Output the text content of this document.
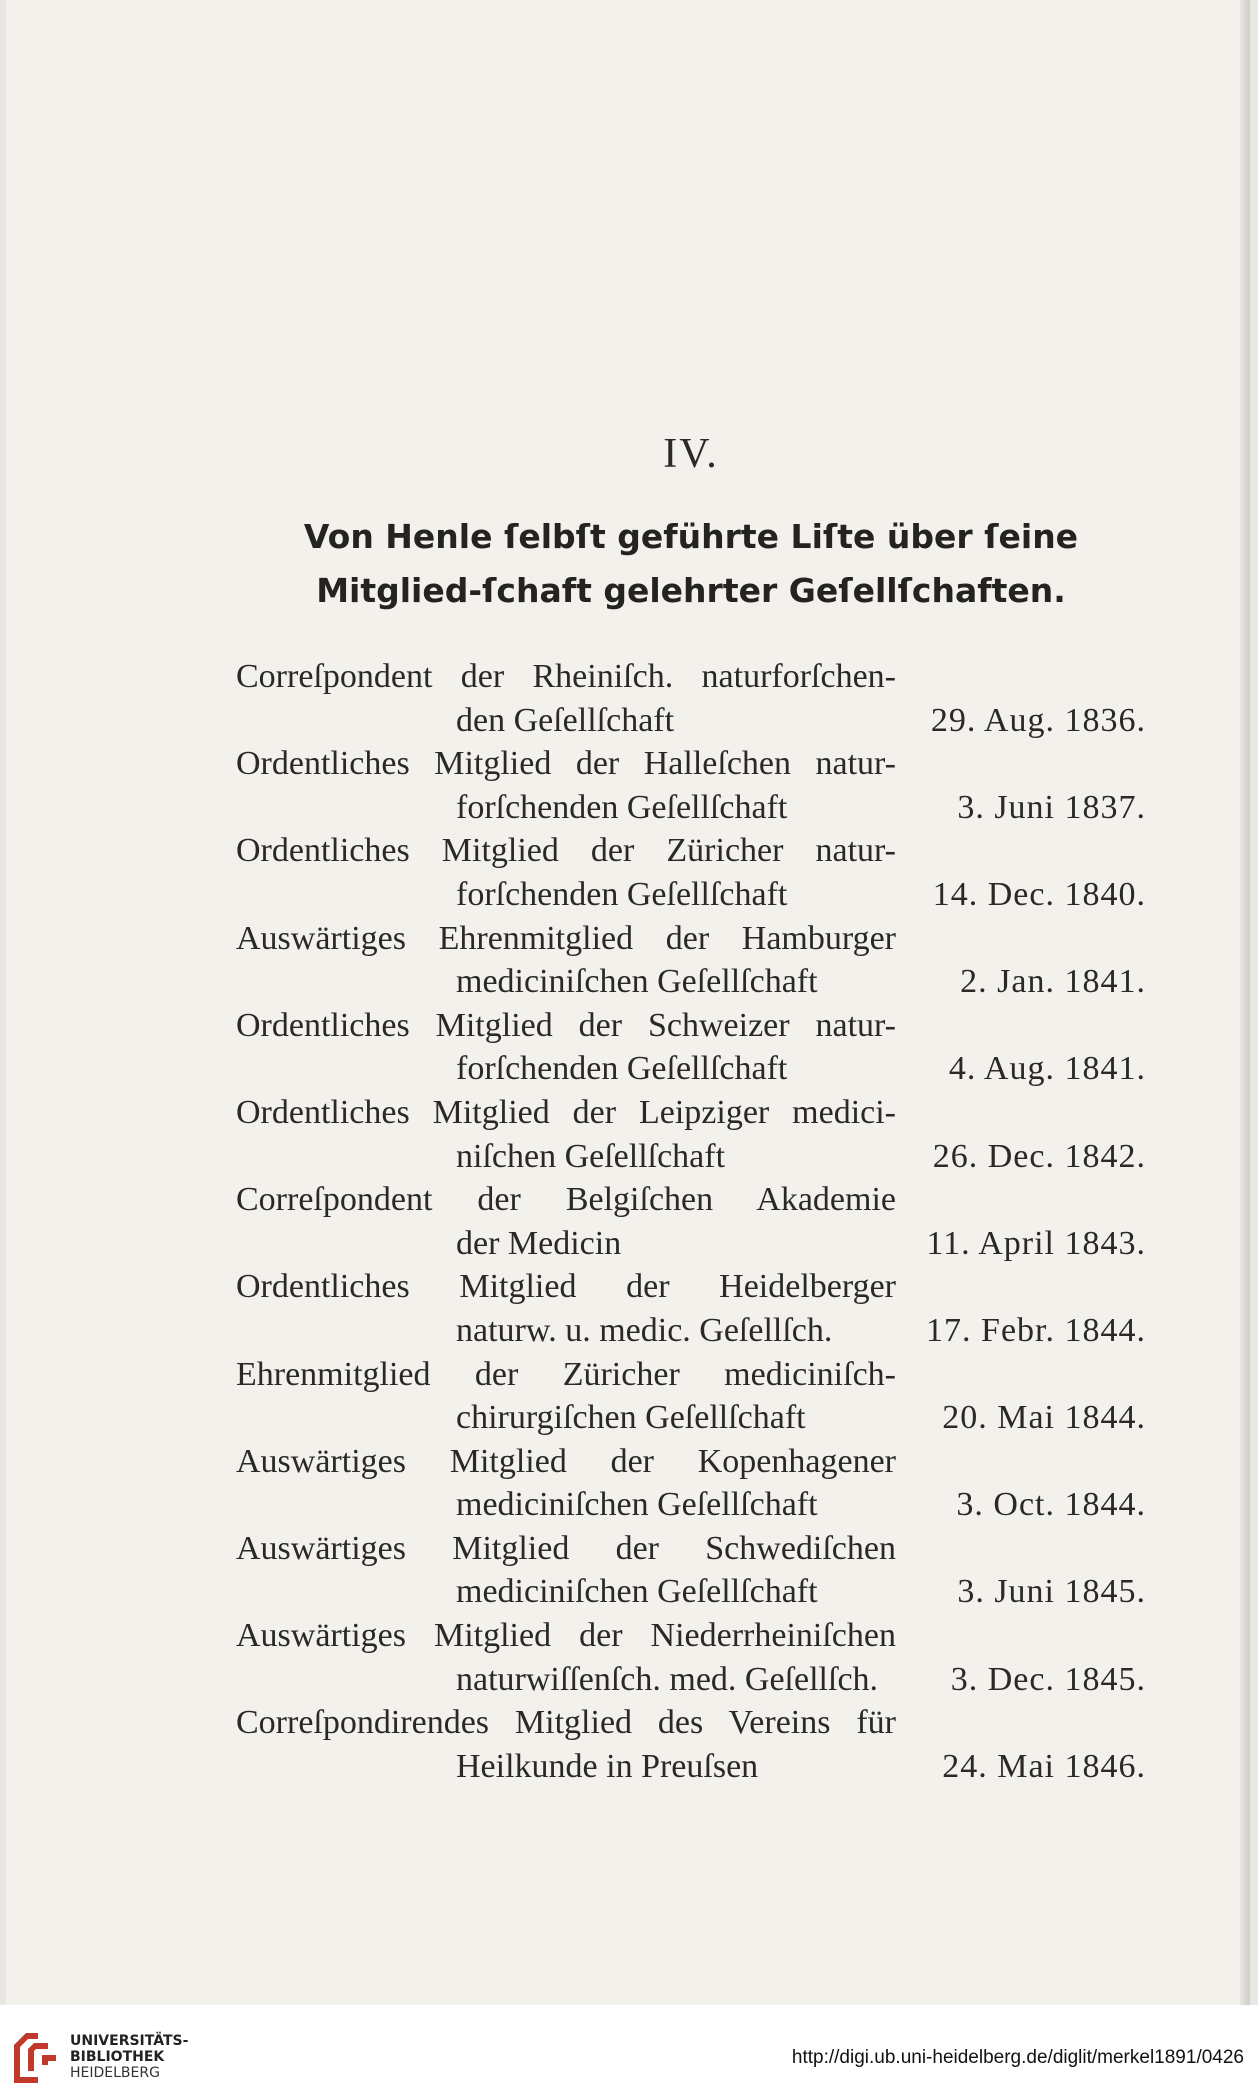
IV.
Von Henle ſelbſt geführte Liſte über ſeine Mitglied-ſchaft gelehrter Geſellſchaften.
Correſpondent der Rheiniſch. naturforſchen-
den Geſellſchaft	29. Aug. 1836.
Ordentliches Mitglied der Halleſchen natur-
forſchenden Geſellſchaft	3. Juni 1837.
Ordentliches Mitglied der Züricher natur-
forſchenden Geſellſchaft	14. Dec. 1840.
Auswärtiges Ehrenmitglied der Hamburger
mediciniſchen Geſellſchaft	2. Jan. 1841.
Ordentliches Mitglied der Schweizer natur-
forſchenden Geſellſchaft	4. Aug. 1841.
Ordentliches Mitglied der Leipziger medici-
niſchen Geſellſchaft	26. Dec. 1842.
Correſpondent der Belgiſchen Akademie
der Medicin	11. April 1843.
Ordentliches Mitglied der Heidelberger
naturw. u. medic. Geſellſch.	17. Febr. 1844.
Ehrenmitglied der Züricher mediciniſch-
chirurgiſchen Geſellſchaft	20. Mai 1844.
Auswärtiges Mitglied der Kopenhagener
mediciniſchen Geſellſchaft	3. Oct. 1844.
Auswärtiges Mitglied der Schwediſchen
mediciniſchen Geſellſchaft	3. Juni 1845.
Auswärtiges Mitglied der Niederrheiniſchen
naturwiſſenſch. med. Geſellſch. 3. Dec. 1845.
Correſpondirendes Mitglied des Vereins für
Heilkunde in Preuſsen	24. Mai 1846.
UNIVERSITÄTS-
BIBLIOTHEK
HEIDELBERG
http://digi.ub.uni-heidelberg.de/diglit/merkel1891/0426
